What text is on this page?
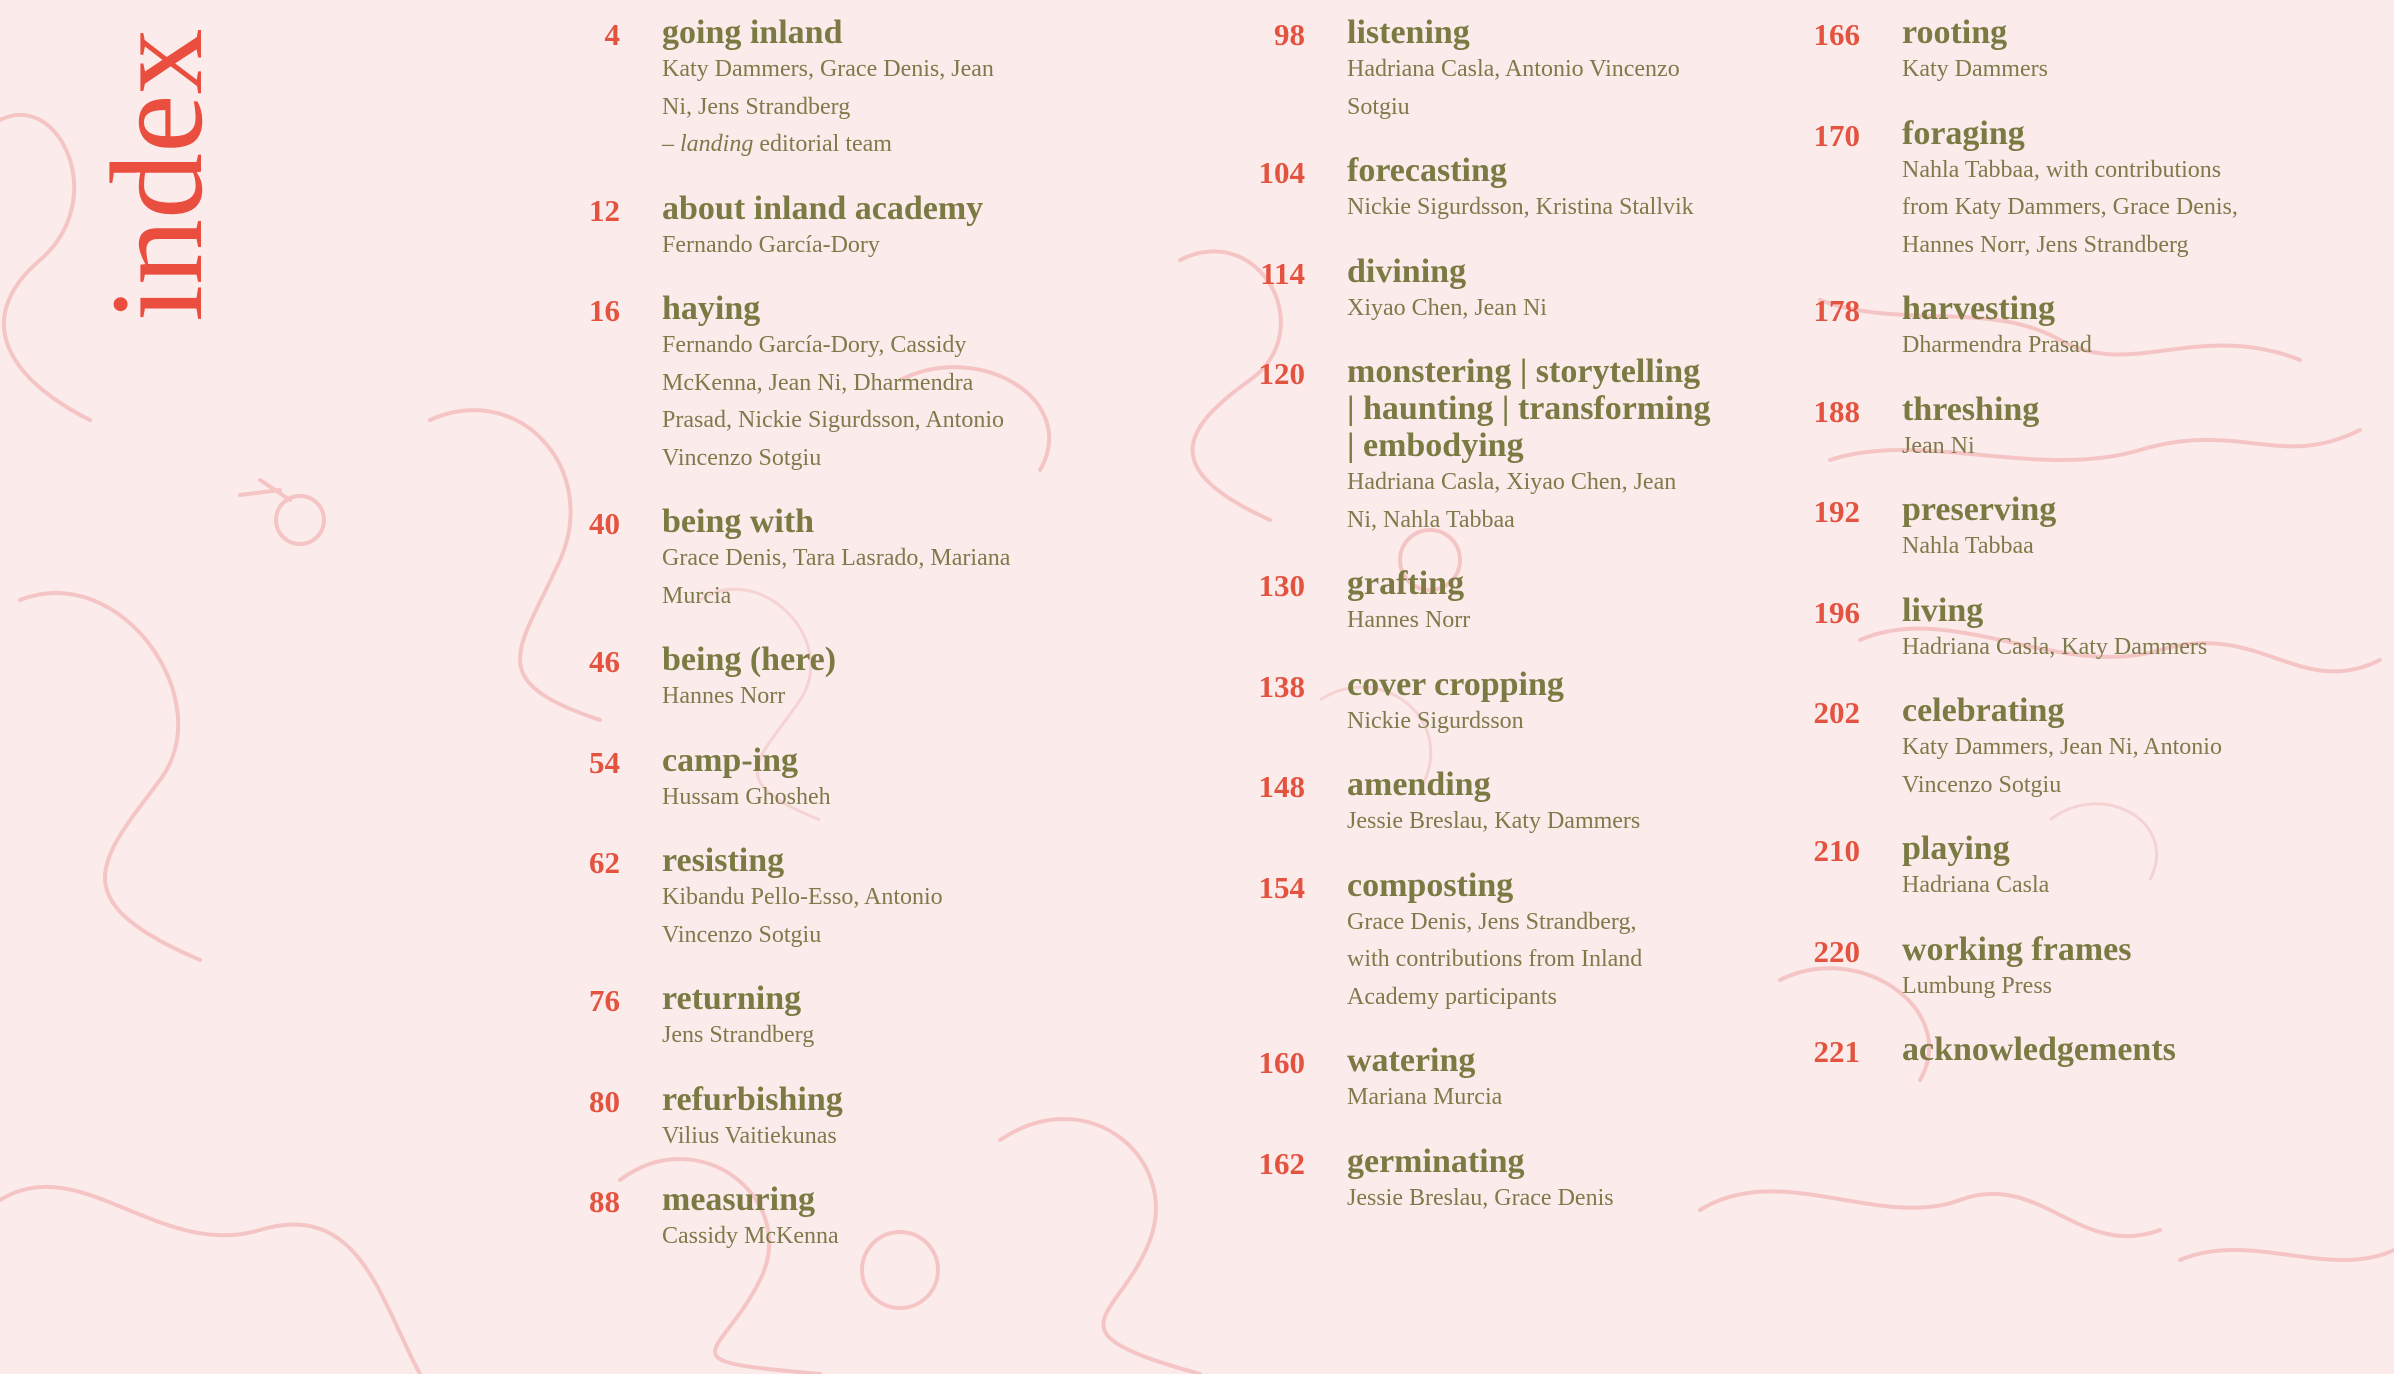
index	4 going inland
Katy Dammers, Grace Denis, Jean
Ni, Jens Strandberg
– landing editorial team
12 about inland academy
Fernando García-Dory
16 haying
Fernando García-Dory, Cassidy
McKenna, Jean Ni, Dharmendra
Prasad, Nickie Sigurdsson, Antonio
Vincenzo Sotgiu
40 being with
Grace Denis, Tara Lasrado, Mariana
Murcia
46 being (here)
Hannes Norr
54 camp-ing
Hussam Ghosheh
62 resisting
Kibandu Pello-Esso, Antonio
Vincenzo Sotgiu
76 returning
Jens Strandberg
80 refurbishing
Vilius Vaitiekunas
88 measuring
Cassidy McKenna
98 listening
Hadriana Casla, Antonio Vincenzo
Sotgiu
104 forecasting
Nickie Sigurdsson, Kristina Stallvik
114 divining
Xiyao Chen, Jean Ni
120 monstering | storytelling
| haunting | transforming
| embodying
Hadriana Casla, Xiyao Chen, Jean
Ni, Nahla Tabbaa
130 grafting
Hannes Norr
138 cover cropping
Nickie Sigurdsson
148 amending
Jessie Breslau, Katy Dammers
154 composting
Grace Denis, Jens Strandberg,
with contributions from Inland
Academy participants
160 watering
Mariana Murcia
162 germinating
Jessie Breslau, Grace Denis
166 rooting
Katy Dammers
170 foraging
Nahla Tabbaa, with contributions
from Katy Dammers, Grace Denis,
Hannes Norr, Jens Strandberg
178 harvesting
Dharmendra Prasad
188 threshing
Jean Ni
192 preserving
Nahla Tabbaa
196 living
Hadriana Casla, Katy Dammers
202 celebrating
Katy Dammers, Jean Ni, Antonio
Vincenzo Sotgiu
210 playing
Hadriana Casla
220 working frames
Lumbung Press
221 acknowledgements
